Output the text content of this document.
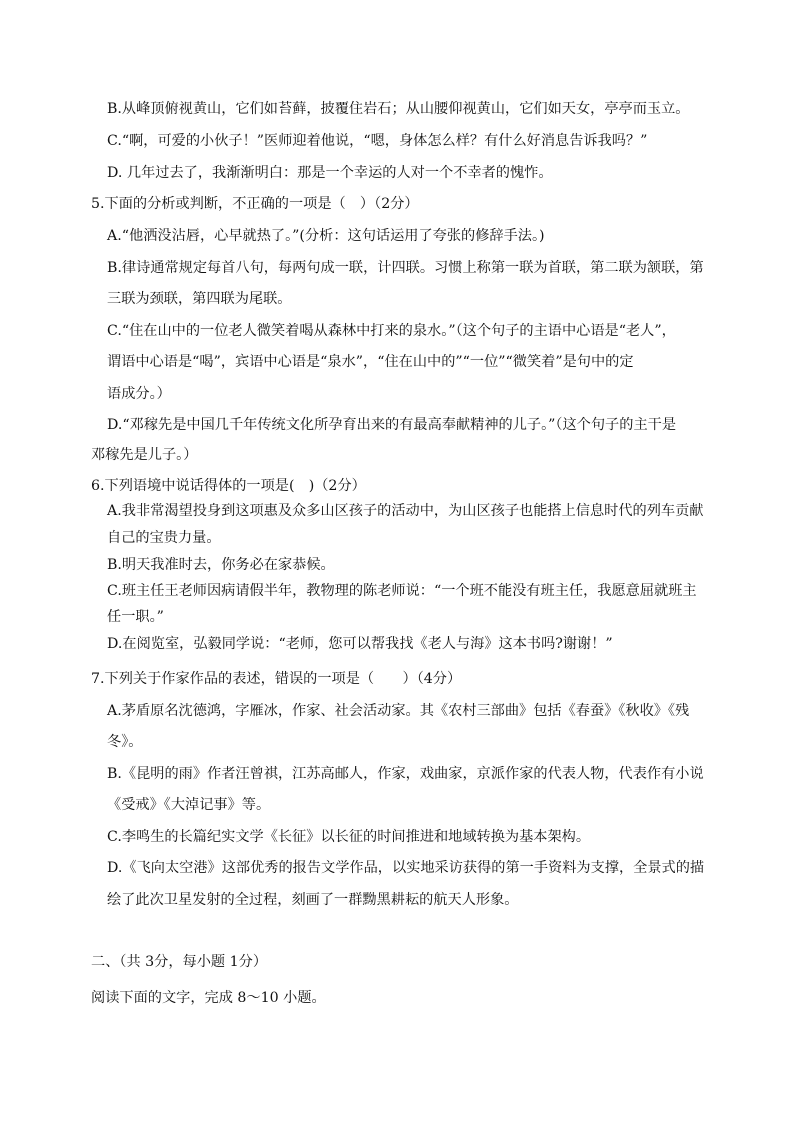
B.从峰顶俯视黄山，它们如苔藓，披覆住岩石；从山腰仰视黄山，它们如天女，亭亭而玉立。
C.“啊，可爱的小伙子！”医师迎着他说，“嗯，身体怎么样？有什么好消息告诉我吗？”
D. 几年过去了，我渐渐明白：那是一个幸运的人对一个不幸者的愧怍。
5.下面的分析或判断，不正确的一项是（　）（2分）
A.“他洒没沾唇，心早就热了。”(分析：这句话运用了夸张的修辞手法。)
B.律诗通常规定每首八句，每两句成一联，计四联。习惯上称第一联为首联，第二联为颔联，第
三联为颈联，第四联为尾联。
C.“住在山中的一位老人微笑着喝从森林中打来的泉水。”（这个句子的主语中心语是“老人”，
谓语中心语是“喝”，宾语中心语是“泉水”，“住在山中的”“一位”“微笑着”是句中的定
语成分。）
D.“邓稼先是中国几千年传统文化所孕育出来的有最高奉献精神的儿子。”（这个句子的主干是
邓稼先是儿子。）
6.下列语境中说话得体的一项是(　)（2分）
A.我非常渴望投身到这项惠及众多山区孩子的活动中，为山区孩子也能搭上信息时代的列车贡献
自己的宝贵力量。
B.明天我准时去，你务必在家恭候。
C.班主任王老师因病请假半年，教物理的陈老师说：“一个班不能没有班主任，我愿意屈就班主
任一职。”
D.在阅览室，弘毅同学说：“老师，您可以帮我找《老人与海》这本书吗?谢谢！”
7.下列关于作家作品的表述，错误的一项是（　　）（4分）
A.茅盾原名沈德鸿，字雁冰，作家、社会活动家。其《农村三部曲》包括《春蚕》《秋收》《残
冬》。
B.《昆明的雨》作者汪曾祺，江苏高邮人，作家，戏曲家，京派作家的代表人物，代表作有小说
《受戒》《大淖记事》等。
C.李鸣生的长篇纪实文学《长征》以长征的时间推进和地域转换为基本架构。
D.《飞向太空港》这部优秀的报告文学作品，以实地采访获得的第一手资料为支撑，全景式的描
绘了此次卫星发射的全过程，刻画了一群黝黑耕耘的航天人形象。
二、（共 3分，每小题 1分）
阅读下面的文字，完成 8～10 小题。
